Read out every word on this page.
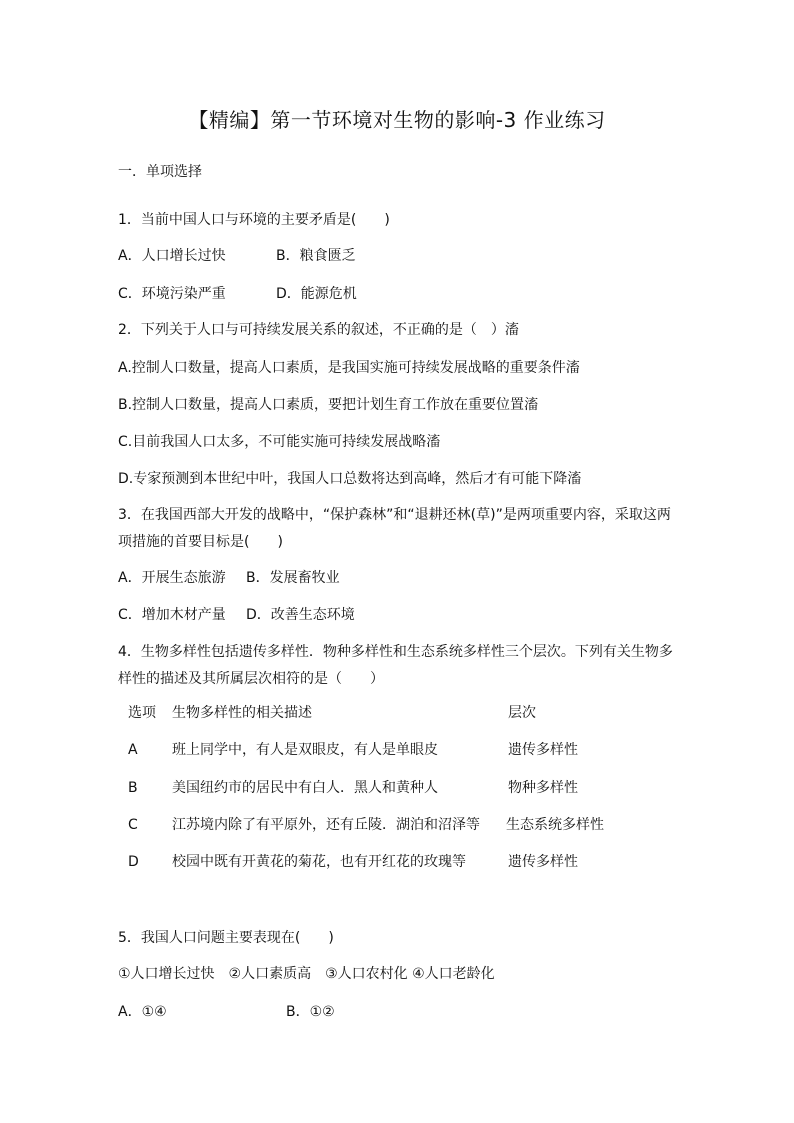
【精编】第一节环境对生物的影响-3 作业练习
一．单项选择
1．当前中国人口与环境的主要矛盾是(　　)
A．人口增长过快	B．粮食匮乏
C．环境污染严重	D．能源危机
2．下列关于人口与可持续发展关系的叙述，不正确的是（　）滀
A.控制人口数量，提高人口素质，是我国实施可持续发展战略的重要条件滀
B.控制人口数量，提高人口素质，要把计划生育工作放在重要位置滀
C.目前我国人口太多，不可能实施可持续发展战略滀
D.专家预测到本世纪中叶，我国人口总数将达到高峰，然后才有可能下降滀
3．在我国西部大开发的战略中，“保护森林”和“退耕还林(草)”是两项重要内容，采取这两项措施的首要目标是(　　)
A．开展生态旅游 B．发展畜牧业
C．增加木材产量 D．改善生态环境
4．生物多样性包括遗传多样性．物种多样性和生态系统多样性三个层次。下列有关生物多样性的描述及其所属层次相符的是（　　）
选项 生物多样性的相关描述	层次
A 班上同学中，有人是双眼皮，有人是单眼皮	遗传多样性
B 美国纽约市的居民中有白人．黑人和黄种人	物种多样性
C 江苏境内除了有平原外，还有丘陵．湖泊和沼泽等 生态系统多样性
D 校园中既有开黄花的菊花，也有开红花的玫瑰等	遗传多样性
5．我国人口问题主要表现在(　　)
①人口增长过快　②人口素质高　③人口农村化 ④人口老龄化
A．①④	B．①②
